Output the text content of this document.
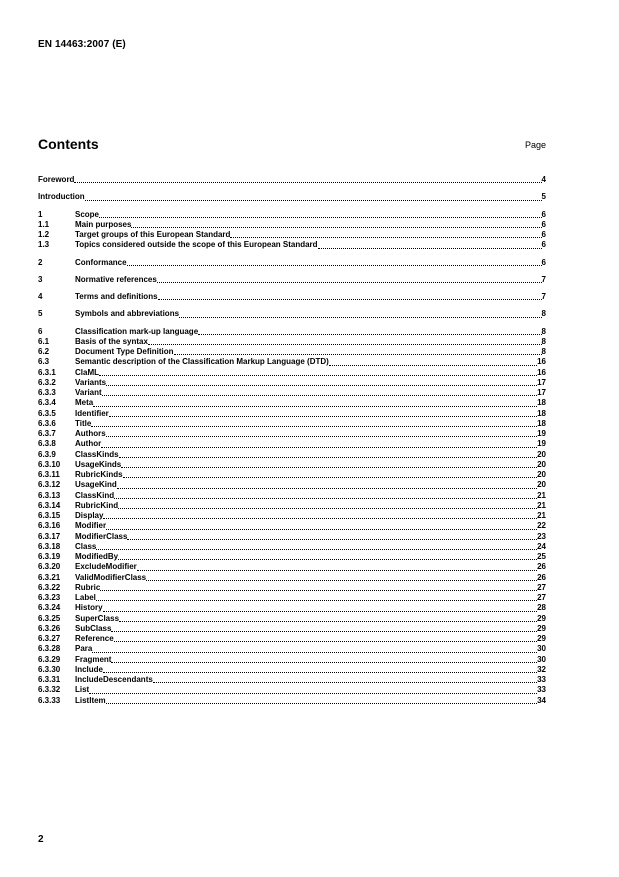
EN 14463:2007 (E)
Contents	Page
Foreword	4
Introduction	5
1	Scope	6
1.1	Main purposes	6
1.2	Target groups of this European Standard	6
1.3	Topics considered outside the scope of this European Standard	6
2	Conformance	6
3	Normative references	7
4	Terms and definitions	7
5	Symbols and abbreviations	8
6	Classification mark-up language	8
6.1	Basis of the syntax	8
6.2	Document Type Definition	8
6.3	Semantic description of the Classification Markup Language (DTD)	16
6.3.1	ClaML	16
6.3.2	Variants	17
6.3.3	Variant	17
6.3.4	Meta	18
6.3.5	Identifier	18
6.3.6	Title	18
6.3.7	Authors	19
6.3.8	Author	19
6.3.9	ClassKinds	20
6.3.10	UsageKinds	20
6.3.11	RubricKinds	20
6.3.12	UsageKind	20
6.3.13	ClassKind	21
6.3.14	RubricKind	21
6.3.15	Display	21
6.3.16	Modifier	22
6.3.17	ModifierClass	23
6.3.18	Class	24
6.3.19	ModifiedBy	25
6.3.20	ExcludeModifier	26
6.3.21	ValidModifierClass	26
6.3.22	Rubric	27
6.3.23	Label	27
6.3.24	History	28
6.3.25	SuperClass	29
6.3.26	SubClass	29
6.3.27	Reference	29
6.3.28	Para	30
6.3.29	Fragment	30
6.3.30	Include	32
6.3.31	IncludeDescendants	33
6.3.32	List	33
6.3.33	ListItem	34
2
